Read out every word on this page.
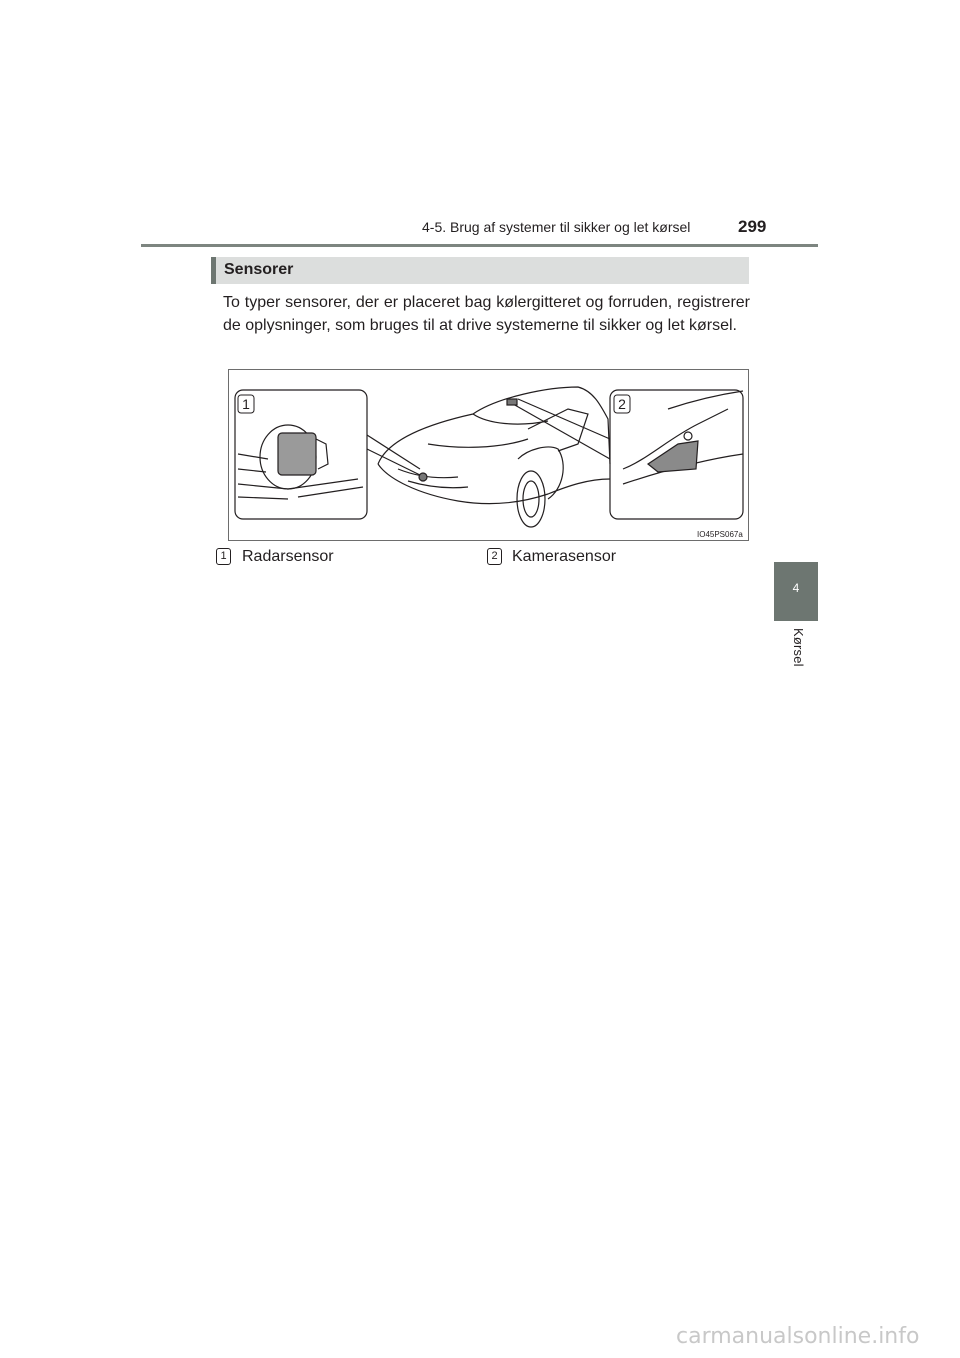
4-5. Brug af systemer til sikker og let kørsel	299
4
Kørsel
Sensorer
To typer sensorer, der er placeret bag kølergitteret og forruden, registrerer de oplysninger, som bruges til at drive systemerne til sikker og let kørsel.
1	2
IO45PS067a
1 Radarsensor	2 Kamerasensor
carmanualsonline.info
